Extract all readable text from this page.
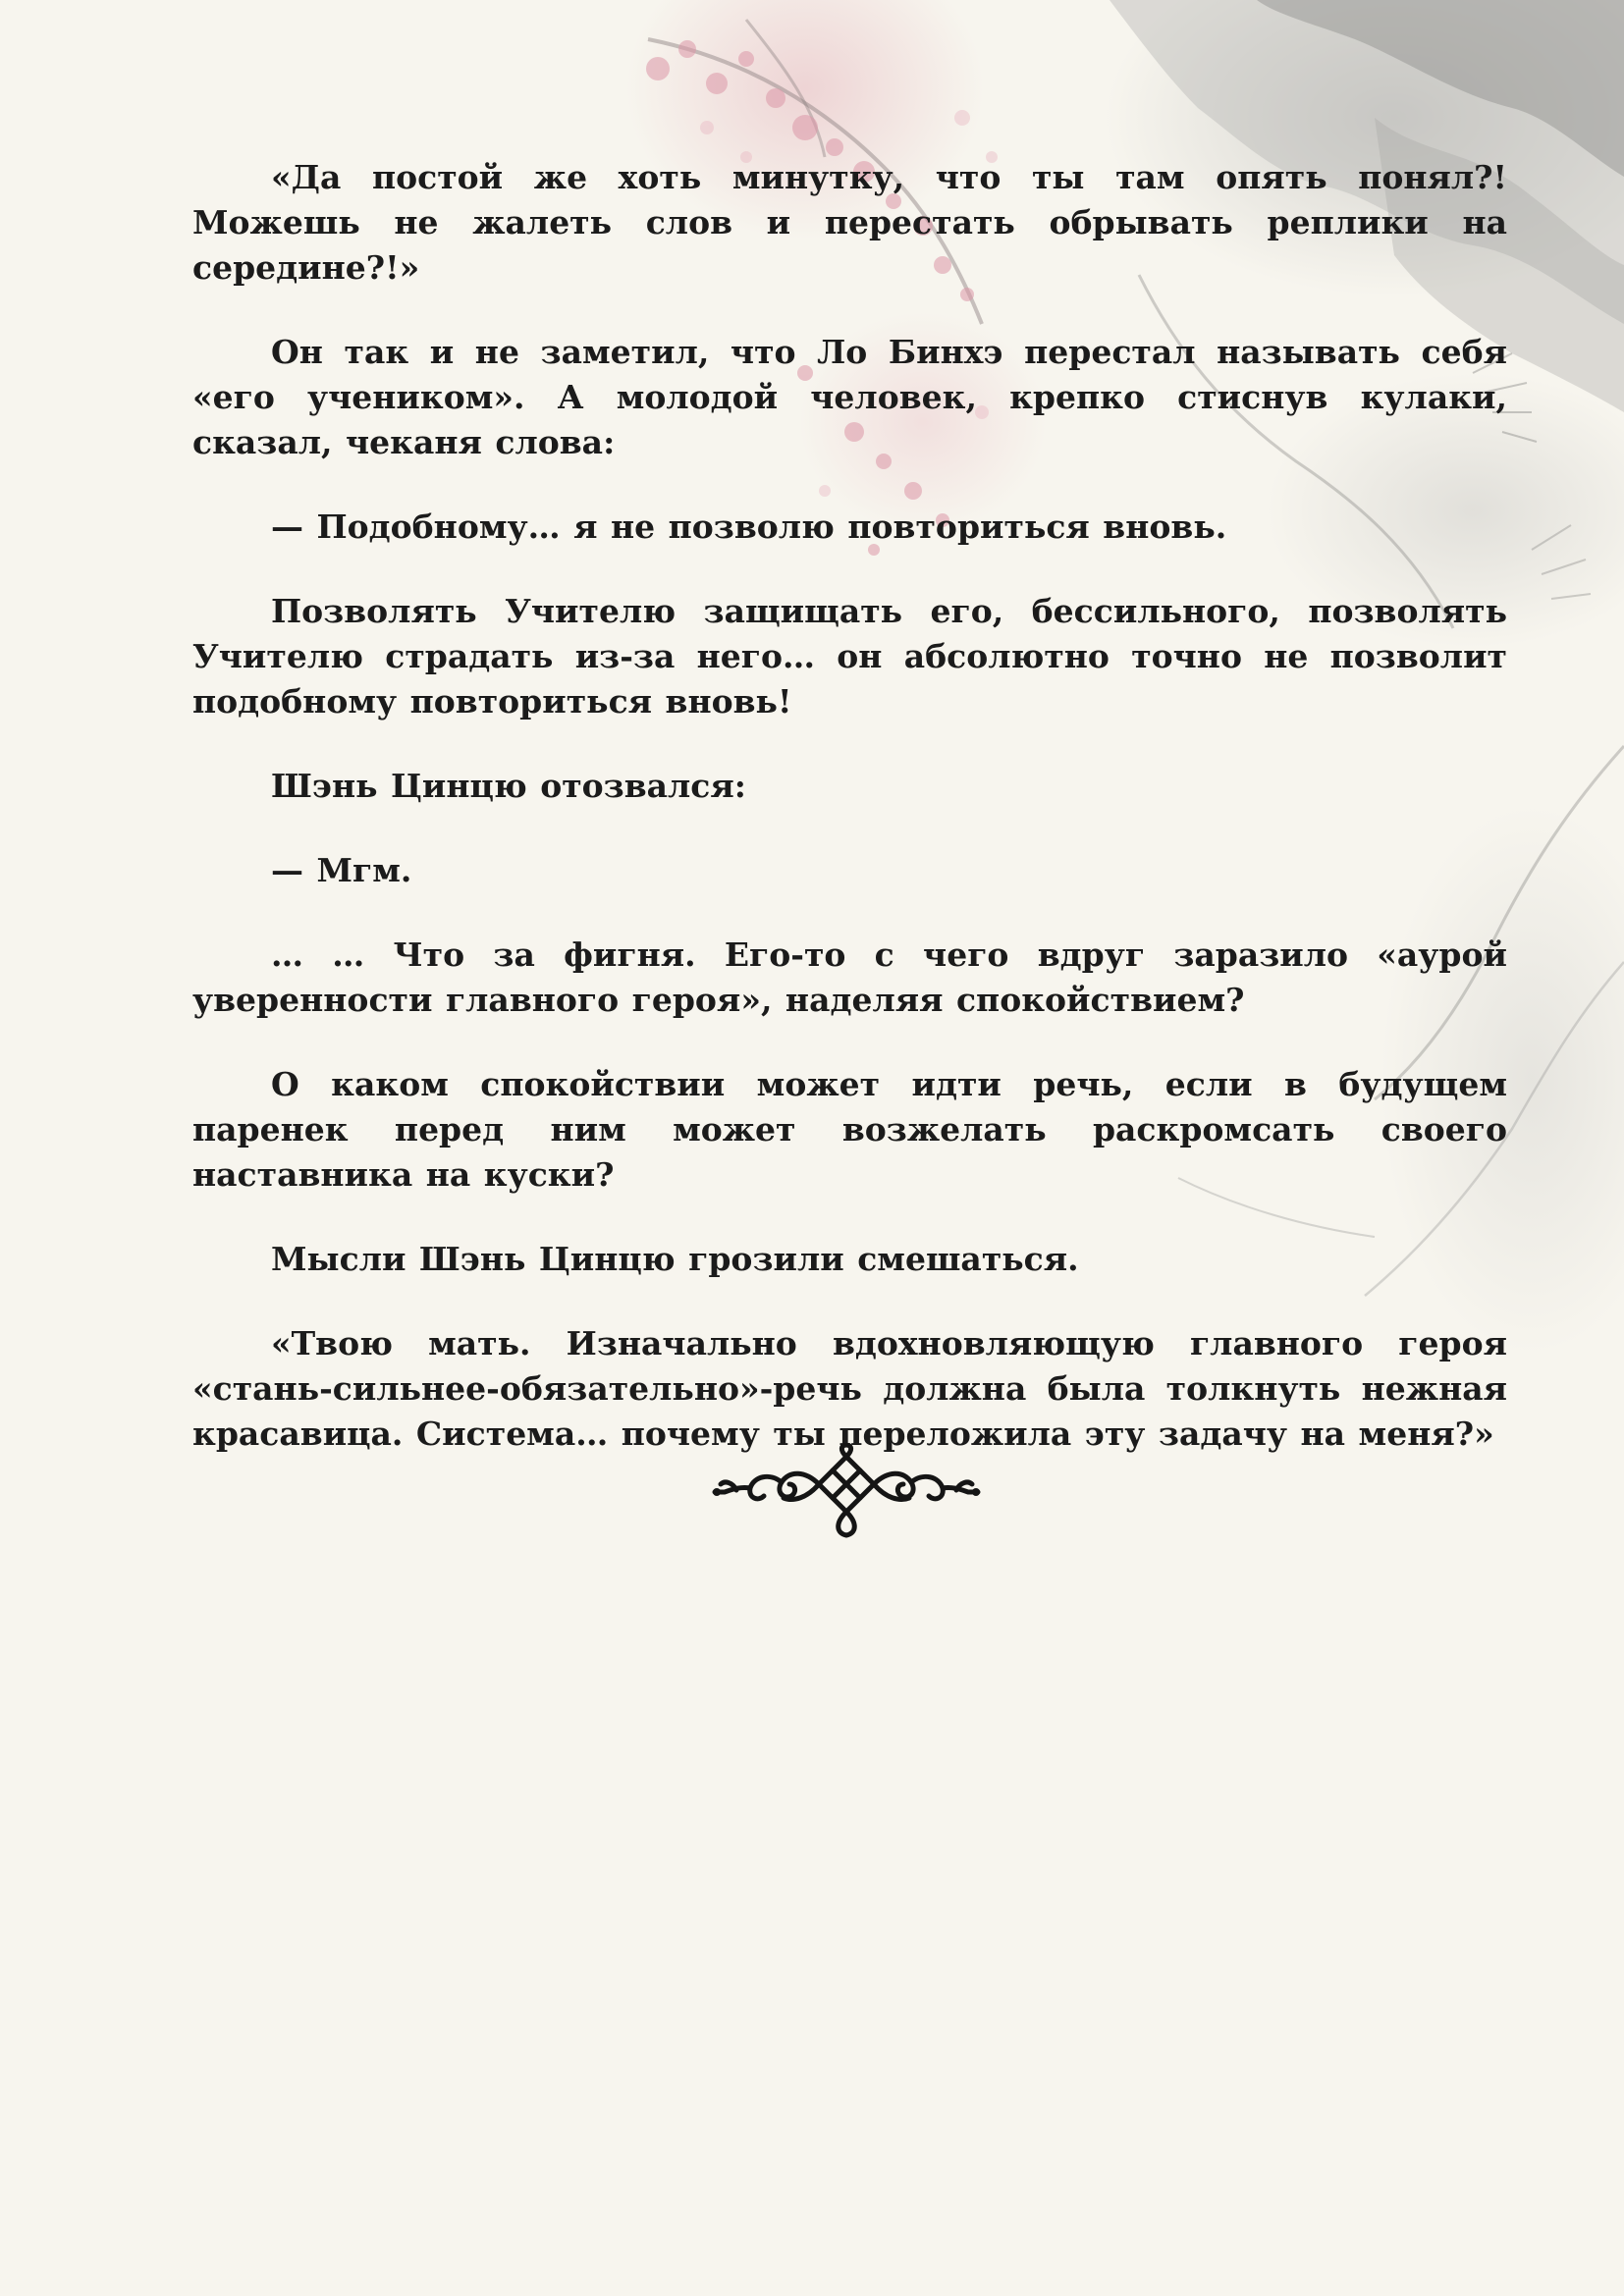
«Да постой же хоть минутку, что ты там опять понял?! Можешь не жалеть слов и перестать обрывать реплики на середине?!»

Он так и не заметил, что Ло Бинхэ перестал называть себя «его учеником». А молодой человек, крепко стиснув кулаки, сказал, чеканя слова:

— Подобному… я не позволю повториться вновь.

Позволять Учителю защищать его, бессильного, позволять Учителю страдать из-за него… он абсолютно точно не позволит подобному повториться вновь!

Шэнь Цинцю отозвался:

— Мгм.

… … Что за фигня. Его-то с чего вдруг заразило «аурой уверенности главного героя», наделяя спокойствием?

О каком спокойствии может идти речь, если в будущем паренек перед ним может возжелать раскромсать своего наставника на куски?

Мысли Шэнь Цинцю грозили смешаться.

«Твою мать. Изначально вдохновляющую главного героя «стань-сильнее-обязательно»-речь должна была толкнуть нежная красавица. Система… почему ты переложила эту задачу на меня?»
